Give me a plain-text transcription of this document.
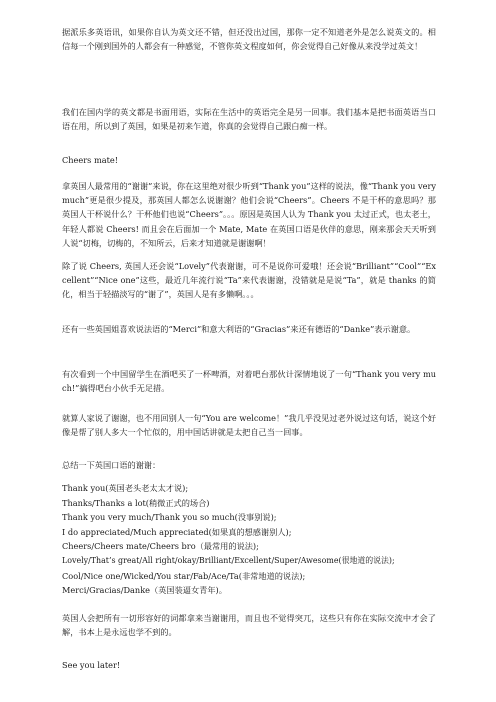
据派乐多英语讯，如果你自认为英文还不错，但还没出过国，那你一定不知道老外是怎么说英文的。相信每一个刚到国外的人都会有一种感觉，不管你英文程度如何，你会觉得自己好像从来没学过英文！

我们在国内学的英文都是书面用语，实际在生活中的英语完全是另一回事。我们基本是把书面英语当口语在用，所以到了英国，如果是初来乍道，你真的会觉得自己跟白痴一样。

Cheers mate!

拿英国人最常用的“谢谢”来说，你在这里绝对很少听到“Thank you”这样的说法，像“Thank you very much”更是很少提及，那英国人都怎么说谢谢？他们会说“Cheers”。Cheers 不是干杯的意思吗？那英国人干杯说什么？干杯他们也说“Cheers”。。。原因是英国人认为 Thank you 太过正式，也太老土，年轻人都说 Cheers! 而且会在后面加一个 Mate, Mate 在英国口语是伙伴的意思，刚来那会天天听到人说“切梅，切梅的，不知所云，后来才知道就是谢谢啊！

除了说 Cheers, 英国人还会说“Lovely”代表谢谢，可不是说你可爱哦！还会说“Brilliant”“Cool”“Excellent”“Nice one”这些，最近几年流行说“Ta”来代表谢谢，没错就是是说“Ta”，就是 thanks 的简化，相当于轻描淡写的“谢了”，英国人是有多懒啊。。。

还有一些英国姐喜欢说法语的“Merci”和意大利语的“Gracias”来还有德语的“Danke”表示谢意。

有次看到一个中国留学生在酒吧买了一杯啤酒，对着吧台那伙计深情地说了一句“Thank you very much!”搞得吧台小伙手无足措。

就算人家说了谢谢，也不用回别人一句“You are welcome！”我几乎没见过老外说过这句话，说这个好像是帮了别人多大一个忙似的，用中国话讲就是太把自己当一回事。

总结一下英国口语的谢谢：

Thank you(英国老头老太太才说);

Thanks/Thanks a lot(稍微正式的场合)

Thank you very much/Thank you so much(没事别说);

I do appreciated/Much appreciated(如果真的想感谢别人);

Cheers/Cheers mate/Cheers bro（最常用的说法);

Lovely/That’s great/All right/okay/Brilliant/Excellent/Super/Awesome(很地道的说法);

Cool/Nice one/Wicked/You star/Fab/Ace/Ta(非常地道的说法);

Merci/Gracias/Danke（英国装逼女青年)。

英国人会把所有一切形容好的词都拿来当谢谢用，而且也不觉得突兀，这些只有你在实际交流中才会了解，书本上是永远也学不到的。

See you later!
